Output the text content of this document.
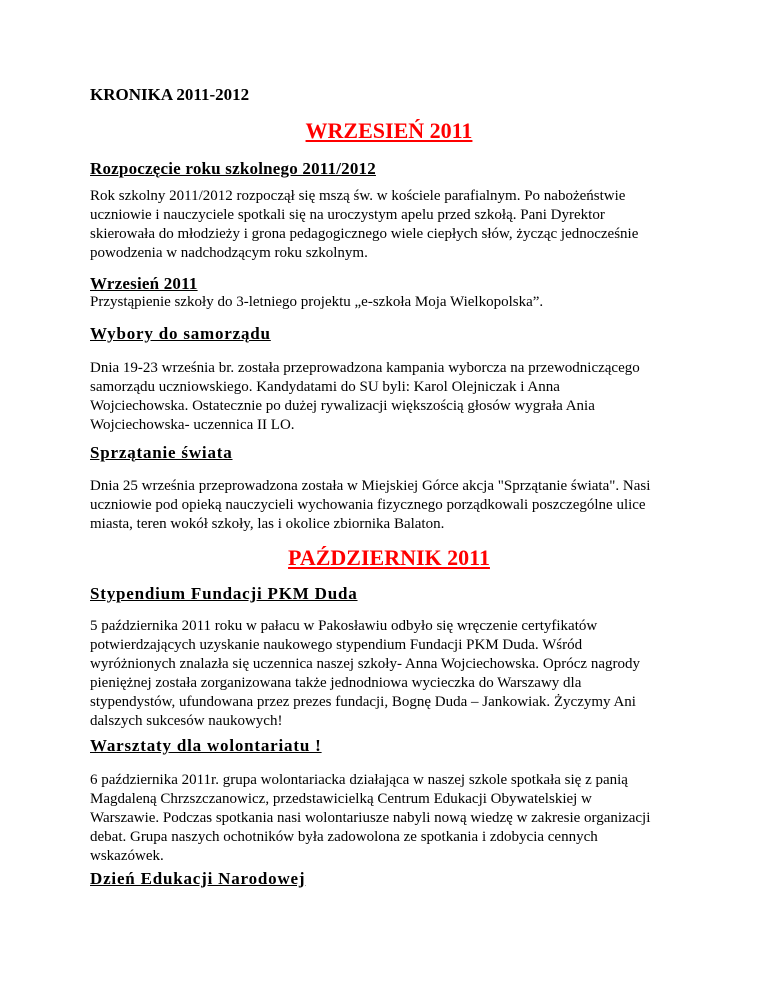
KRONIKA 2011-2012
WRZESIEŃ 2011
Rozpoczęcie roku szkolnego 2011/2012

Rok szkolny 2011/2012 rozpoczął się mszą św. w kościele parafialnym. Po nabożeństwie

uczniowie i nauczyciele spotkali się na uroczystym apelu przed szkołą. Pani Dyrektor

skierowała do młodzieży i grona pedagogicznego wiele ciepłych słów, życząc jednocześnie

powodzenia w nadchodzącym roku szkolnym.

Wrzesień 2011

Przystąpienie szkoły do 3-letniego projektu „e-szkoła Moja Wielkopolska”.

Wybory do samorządu

Dnia 19-23 września br. została przeprowadzona kampania wyborcza na przewodniczącego

samorządu uczniowskiego. Kandydatami do SU byli: Karol Olejniczak i Anna

Wojciechowska. Ostatecznie po dużej rywalizacji większością głosów wygrała Ania

Wojciechowska- uczennica II LO.

Sprzątanie świata

Dnia 25 września przeprowadzona została w Miejskiej Górce akcja "Sprzątanie świata". Nasi

uczniowie pod opieką nauczycieli wychowania fizycznego porządkowali poszczególne ulice

miasta, teren wokół szkoły, las i okolice zbiornika Balaton.

PAŹDZIERNIK 2011
Stypendium Fundacji PKM Duda

5 października 2011 roku w pałacu w Pakosławiu odbyło się wręczenie certyfikatów

potwierdzających uzyskanie naukowego stypendium Fundacji PKM Duda. Wśród

wyróżnionych znalazła się uczennica naszej szkoły- Anna Wojciechowska. Oprócz nagrody

pieniężnej została zorganizowana także jednodniowa wycieczka do Warszawy dla

stypendystów, ufundowana przez prezes fundacji, Bognę Duda – Jankowiak. Życzymy Ani

dalszych sukcesów naukowych!

Warsztaty dla wolontariatu !

6 października 2011r. grupa wolontariacka działająca w naszej szkole spotkała się z panią

Magdaleną Chrzszczanowicz, przedstawicielką Centrum Edukacji Obywatelskiej w

Warszawie. Podczas spotkania nasi wolontariusze nabyli nową wiedzę w zakresie organizacji

debat. Grupa naszych ochotników była zadowolona ze spotkania i zdobycia cennych

wskazówek.

Dzień Edukacji Narodowej
